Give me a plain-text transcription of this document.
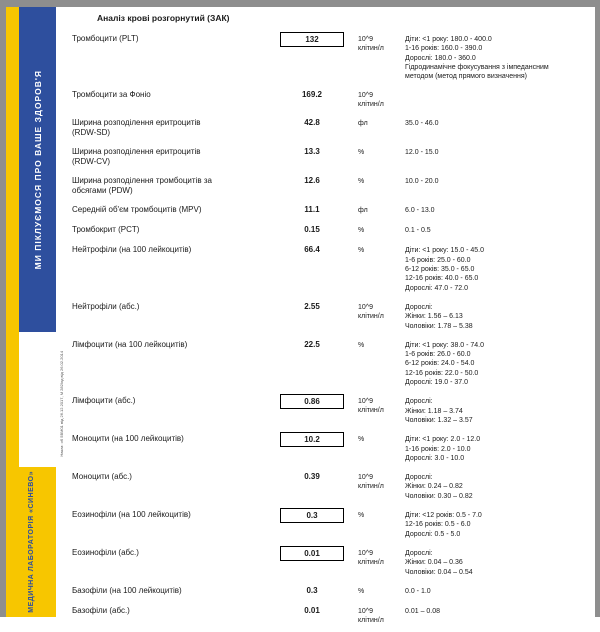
МИ ПІКЛУЄМОСЯ ПРО ВАШЕ ЗДОРОВ'Я
Наказ: об 5ВМ01 від 26.12.2017, М 282/од від 26.02.2014
МЕДИЧНА ЛАБОРАТОРІЯ «СИНЕВО»
Аналіз крові розгорнутий (ЗАК)
Тромбоцити (PLT)	132	10^9
клітин/л
Діти: <1 року: 180.0 - 400.0
1-16 років: 160.0 - 390.0
Дорослі: 180.0 - 360.0
Гідродинамічне фокусування з імпедансним
методом (метод прямого визначення)
Тромбоцити за Фоніо	169.2	10^9
клітин/л
Ширина розподілення еритроцитів
(RDW-SD)
42.8	фл	35.0 - 46.0
Ширина розподілення еритроцитів
(RDW-CV)
13.3	%	12.0 - 15.0
Ширина розподілення тромбоцитів за
обсягами (PDW)
12.6	%	10.0 - 20.0
Середній об'єм тромбоцитів (MPV)	11.1	фл	6.0 - 13.0
Тромбокрит (PCT)	0.15	%	0.1 - 0.5
Нейтрофіли (на 100 лейкоцитів)	66.4	%	Діти: <1 року: 15.0 - 45.0
1-6 років: 25.0 - 60.0
6-12 років: 35.0 - 65.0
12-16 років: 40.0 - 65.0
Дорослі: 47.0 - 72.0
Нейтрофіли (абс.)	2.55	10^9
клітин/л
Дорослі:
Жінки: 1.56 – 6.13
Чоловіки: 1.78 – 5.38
Лімфоцити (на 100 лейкоцитів)	22.5	%	Діти: <1 року: 38.0 - 74.0
1-6 років: 26.0 - 60.0
6-12 років: 24.0 - 54.0
12-16 років: 22.0 - 50.0
Дорослі: 19.0 - 37.0
Лімфоцити (абс.)	0.86	10^9
клітин/л
Дорослі:
Жінки: 1.18 – 3.74
Чоловіки: 1.32 – 3.57
Моноцити (на 100 лейкоцитів)	10.2	%	Діти: <1 року: 2.0 - 12.0
1-16 років: 2.0 - 10.0
Дорослі: 3.0 - 10.0
Моноцити (абс.)	0.39	10^9
клітин/л
Дорослі:
Жінки: 0.24 – 0.82
Чоловіки: 0.30 – 0.82
Еозинофіли (на 100 лейкоцитів)	0.3	%	Діти: <12 років: 0.5 - 7.0
12-16 років: 0.5 - 6.0
Дорослі: 0.5 - 5.0
Еозинофіли (абс.)	0.01	10^9
клітин/л
Дорослі:
Жінки: 0.04 – 0.36
Чоловіки: 0.04 – 0.54
Базофіли (на 100 лейкоцитів)	0.3	%	0.0 - 1.0
Базофіли (абс.)	0.01	10^9
клітин/л
0.01 – 0.08
